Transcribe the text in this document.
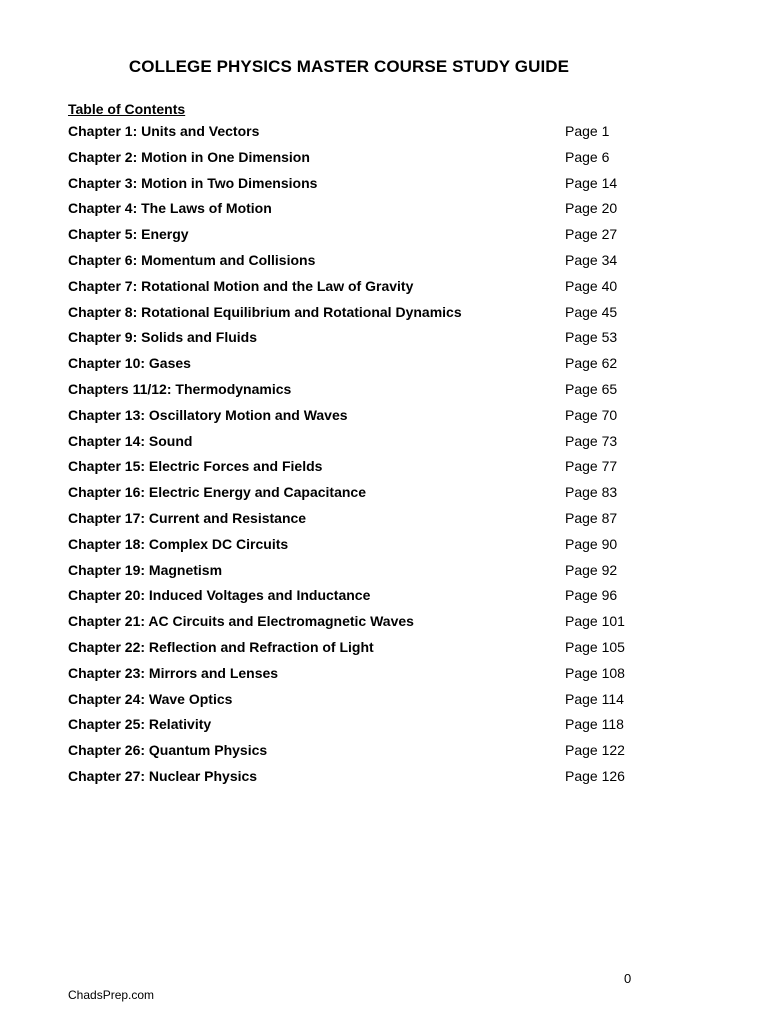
COLLEGE PHYSICS MASTER COURSE STUDY GUIDE
Table of Contents
Chapter 1: Units and Vectors	Page 1
Chapter 2: Motion in One Dimension	Page 6
Chapter 3: Motion in Two Dimensions	Page 14
Chapter 4: The Laws of Motion	Page 20
Chapter 5: Energy	Page 27
Chapter 6: Momentum and Collisions	Page 34
Chapter 7: Rotational Motion and the Law of Gravity	Page 40
Chapter 8: Rotational Equilibrium and Rotational Dynamics	Page 45
Chapter 9: Solids and Fluids	Page 53
Chapter 10: Gases	Page 62
Chapters 11/12: Thermodynamics	Page 65
Chapter 13: Oscillatory Motion and Waves	Page 70
Chapter 14: Sound	Page 73
Chapter 15: Electric Forces and Fields	Page 77
Chapter 16: Electric Energy and Capacitance	Page 83
Chapter 17: Current and Resistance	Page 87
Chapter 18: Complex DC Circuits	Page 90
Chapter 19: Magnetism	Page 92
Chapter 20: Induced Voltages and Inductance	Page 96
Chapter 21: AC Circuits and Electromagnetic Waves	Page 101
Chapter 22: Reflection and Refraction of Light	Page 105
Chapter 23: Mirrors and Lenses	Page 108
Chapter 24: Wave Optics	Page 114
Chapter 25: Relativity	Page 118
Chapter 26: Quantum Physics	Page 122
Chapter 27: Nuclear Physics	Page 126
0
ChadsPrep.com
